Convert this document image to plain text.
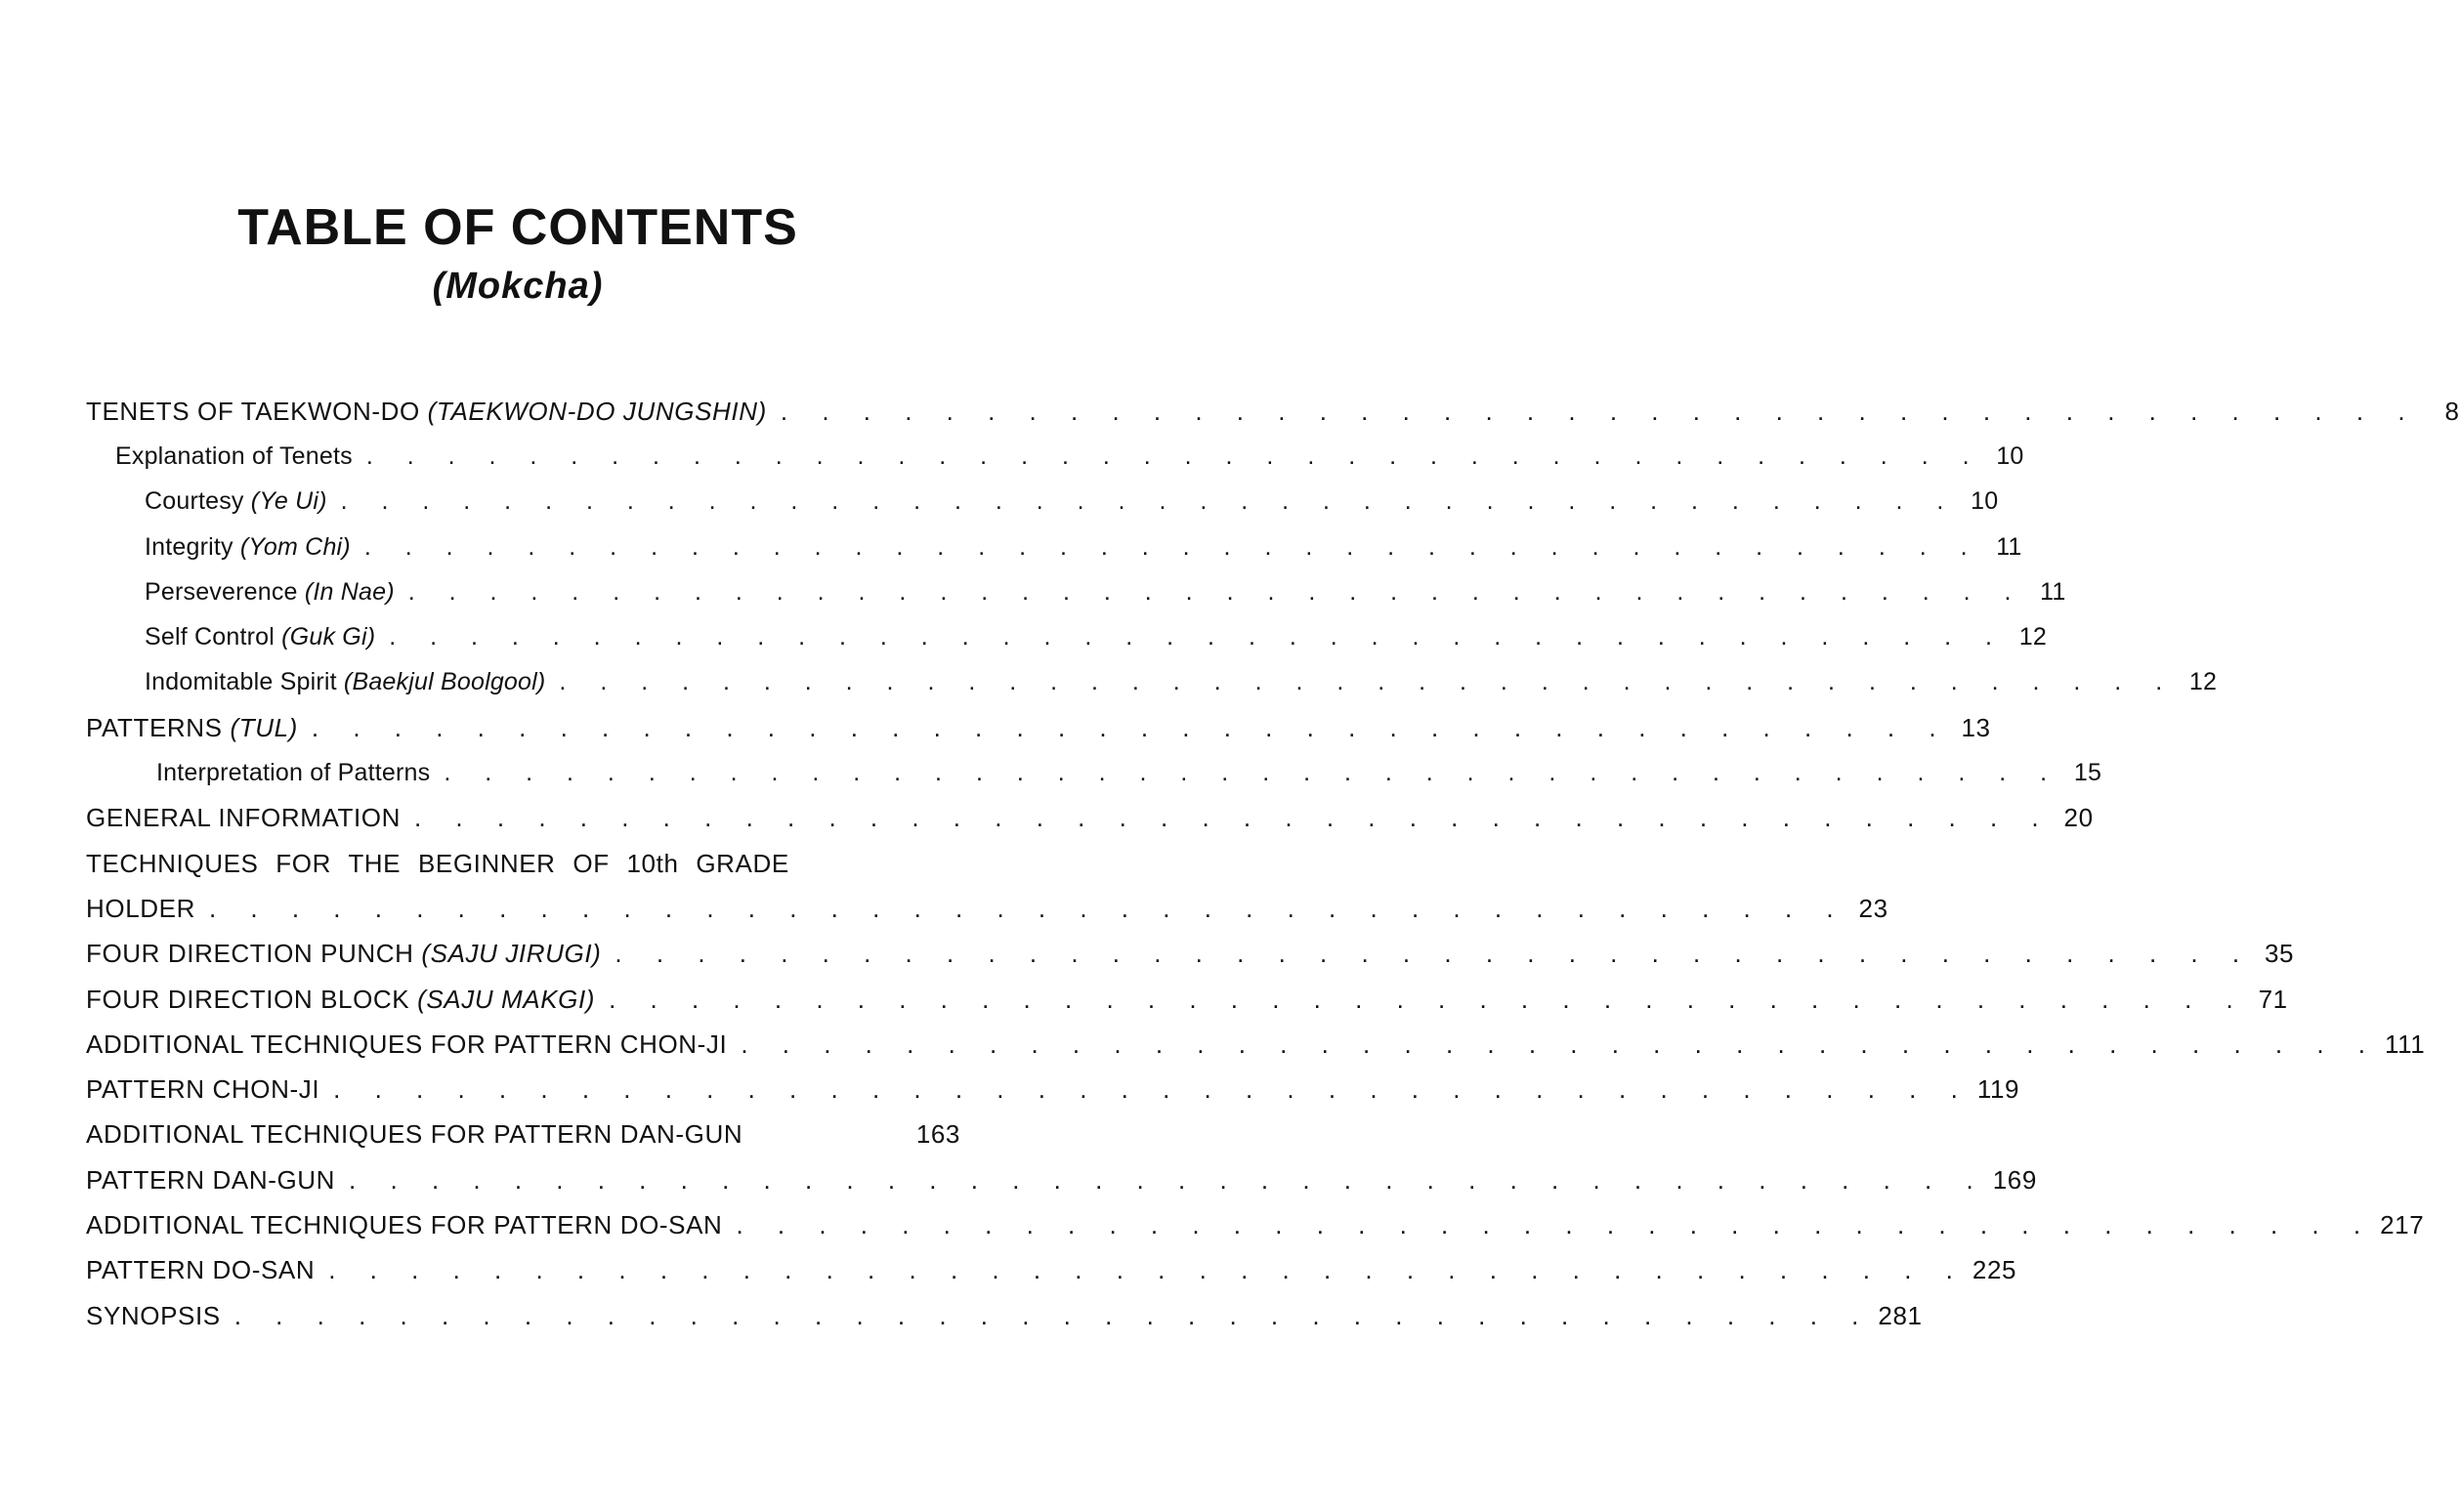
TABLE OF CONTENTS
(Mokcha)
TENETS OF TAEKWON-DO (TAEKWON-DO JUNGSHIN) . . . . . . . . . . . . . . . . . . . . . . . . . . . . . . . . . . . . . . . .	8
Explanation of Tenets . . . . . . . . . . . . . . . . . . . . . . . . . . . . . . . . . . . . . . . . 10
Courtesy (Ye Ui) . . . . . . . . . . . . . . . . . . . . . . . . . . . . . . . . . . . . . . . . 10
Integrity (Yom Chi) . . . . . . . . . . . . . . . . . . . . . . . . . . . . . . . . . . . . . . . . 11
Perseverence (In Nae) . . . . . . . . . . . . . . . . . . . . . . . . . . . . . . . . . . . . . . . . 11
Self Control (Guk Gi) . . . . . . . . . . . . . . . . . . . . . . . . . . . . . . . . . . . . . . . . 12
Indomitable Spirit (Baekjul Boolgool) . . . . . . . . . . . . . . . . . . . . . . . . . . . . . . . . . . . . . . . . 12
PATTERNS (TUL) . . . . . . . . . . . . . . . . . . . . . . . . . . . . . . . . . . . . . . . . 13
Interpretation of Patterns . . . . . . . . . . . . . . . . . . . . . . . . . . . . . . . . . . . . . . . . 15
GENERAL INFORMATION . . . . . . . . . . . . . . . . . . . . . . . . . . . . . . . . . . . . . . . . 20
TECHNIQUES FOR THE BEGINNER OF 10th GRADE
HOLDER . . . . . . . . . . . . . . . . . . . . . . . . . . . . . . . . . . . . . . . . 23
FOUR DIRECTION PUNCH (SAJU JIRUGI) . . . . . . . . . . . . . . . . . . . . . . . . . . . . . . . . . . . . . . . . 35
FOUR DIRECTION BLOCK (SAJU MAKGI) . . . . . . . . . . . . . . . . . . . . . . . . . . . . . . . . . . . . . . . . 71
ADDITIONAL TECHNIQUES FOR PATTERN CHON-JI . . . . . . . . . . . . . . . . . . . . . . . . . . . . . . . . . . . . . . . . 111
PATTERN CHON-JI . . . . . . . . . . . . . . . . . . . . . . . . . . . . . . . . . . . . . . . . 119
ADDITIONAL TECHNIQUES FOR PATTERN DAN-GUN	163
PATTERN DAN-GUN . . . . . . . . . . . . . . . . . . . . . . . . . . . . . . . . . . . . . . . . 169
ADDITIONAL TECHNIQUES FOR PATTERN DO-SAN . . . . . . . . . . . . . . . . . . . . . . . . . . . . . . . . . . . . . . . . 217
PATTERN DO-SAN . . . . . . . . . . . . . . . . . . . . . . . . . . . . . . . . . . . . . . . . 225
SYNOPSIS . . . . . . . . . . . . . . . . . . . . . . . . . . . . . . . . . . . . . . . . 281
